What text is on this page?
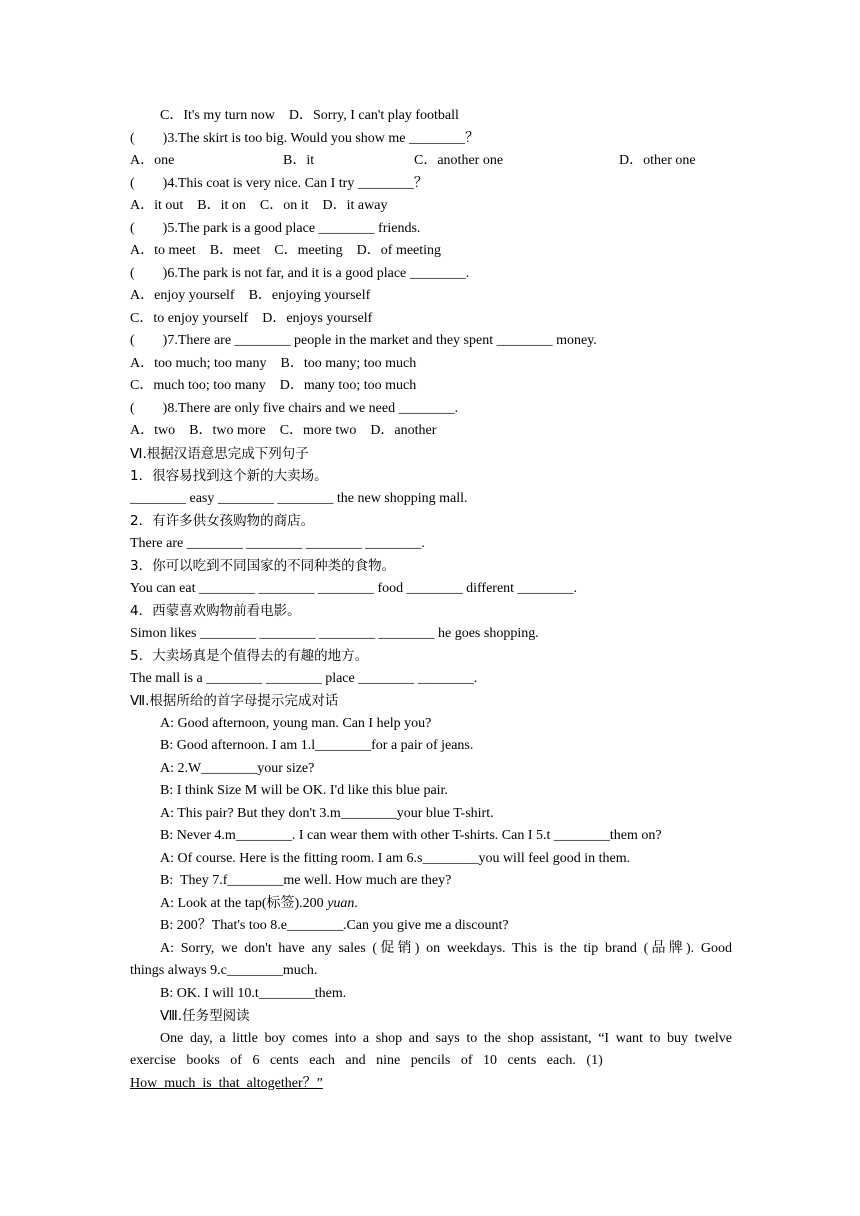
C．It's my turn now    D．Sorry, I can't play football
(        )3.The skirt is too big. Would you show me ________？
A．one	B．it	C．another one	D．other one
(        )4.This coat is very nice. Can I try ________？
A．it out    B．it on    C．on it    D．it away
(        )5.The park is a good place ________ friends.
A．to meet    B．meet    C．meeting    D．of meeting
(        )6.The park is not far, and it is a good place ________.
A．enjoy yourself    B．enjoying yourself
C．to enjoy yourself    D．enjoys yourself
(        )7.There are ________ people in the market and they spent ________ money.
A．too much; too many    B．too many; too much
C．much too; too many    D．many too; too much
(        )8.There are only five chairs and we need ________.
A．two    B．two more    C．more two    D．another
Ⅵ.根据汉语意思完成下列句子
1．很容易找到这个新的大卖场。
________ easy ________ ________ the new shopping mall.
2．有许多供女孩购物的商店。
There are ________ ________ ________ ________.
3．你可以吃到不同国家的不同种类的食物。
You can eat ________ ________ ________ food ________ different ________.
4．西蒙喜欢购物前看电影。
Simon likes ________ ________ ________ ________ he goes shopping.
5．大卖场真是个值得去的有趣的地方。
The mall is a ________ ________ place ________ ________.
Ⅶ.根据所给的首字母提示完成对话
A: Good afternoon, young man. Can I help you?
B: Good afternoon. I am 1.l________for a pair of jeans.
A: 2.W________your size?
B: I think Size M will be OK. I'd like this blue pair.
A: This pair? But they don't 3.m________your blue T-shirt.
B: Never 4.m________. I can wear them with other T-shirts. Can I 5.t ________them on?
A: Of course. Here is the fitting room. I am 6.s________you will feel good in them.
B:  They 7.f________me well. How much are they?
A: Look at the tap(标签).200 yuan.
B: 200？That's too 8.e________.Can you give me a discount?
A: Sorry, we don't have any sales (促销) on weekdays. This is the tip brand (品牌). Good
things always 9.c________much.
B: OK. I will 10.t________them.
Ⅷ.任务型阅读
One day, a little boy comes into a shop and says to the shop assistant, “I want to buy twelve
exercise   books   of   6   cents   each   and   nine   pencils   of   10   cents   each.   (1)
How  much  is  that  altogether？”
